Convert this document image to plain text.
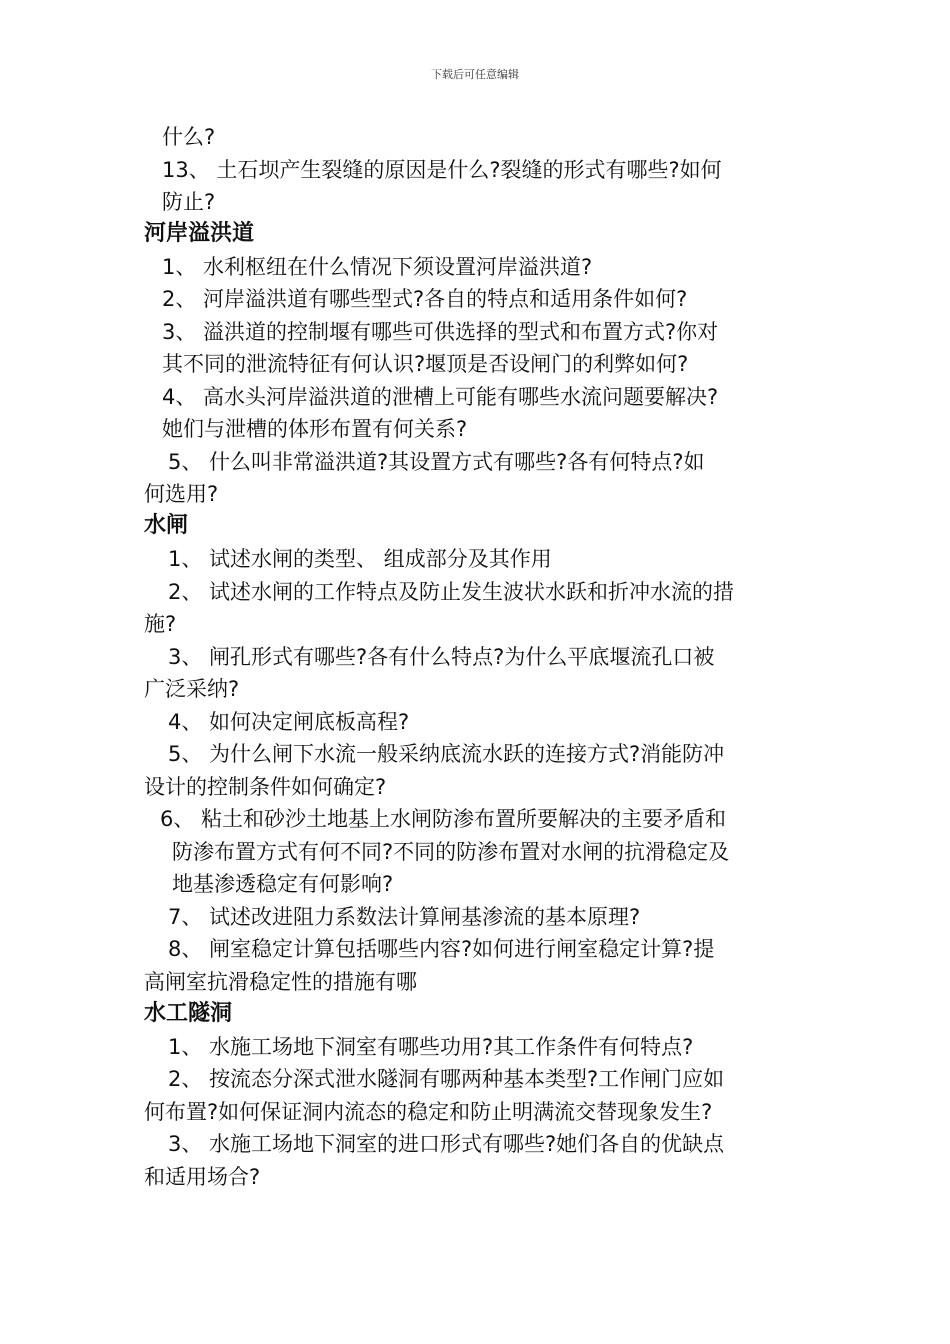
下载后可任意编辑
什么?
13、 土石坝产生裂缝的原因是什么?裂缝的形式有哪些?如何
防止?
河岸溢洪道
1、 水利枢纽在什么情况下须设置河岸溢洪道?
2、 河岸溢洪道有哪些型式?各自的特点和适用条件如何?
3、 溢洪道的控制堰有哪些可供选择的型式和布置方式?你对
其不同的泄流特征有何认识?堰顶是否设闸门的利弊如何?
4、 高水头河岸溢洪道的泄槽上可能有哪些水流问题要解决?
她们与泄槽的体形布置有何关系?
5、 什么叫非常溢洪道?其设置方式有哪些?各有何特点?如
何选用?
水闸
1、 试述水闸的类型、 组成部分及其作用
2、 试述水闸的工作特点及防止发生波状水跃和折冲水流的措
施?
3、 闸孔形式有哪些?各有什么特点?为什么平底堰流孔口被
广泛采纳?
4、 如何决定闸底板高程?
5、 为什么闸下水流一般采纳底流水跃的连接方式?消能防冲
设计的控制条件如何确定?
6、 粘土和砂沙土地基上水闸防渗布置所要解决的主要矛盾和
防渗布置方式有何不同?不同的防渗布置对水闸的抗滑稳定及
地基渗透稳定有何影响?
7、 试述改进阻力系数法计算闸基渗流的基本原理?
8、 闸室稳定计算包括哪些内容?如何进行闸室稳定计算?提
高闸室抗滑稳定性的措施有哪
水工隧洞
1、 水施工场地下洞室有哪些功用?其工作条件有何特点?
2、 按流态分深式泄水隧洞有哪两种基本类型?工作闸门应如
何布置?如何保证洞内流态的稳定和防止明满流交替现象发生?
3、 水施工场地下洞室的进口形式有哪些?她们各自的优缺点
和适用场合?
